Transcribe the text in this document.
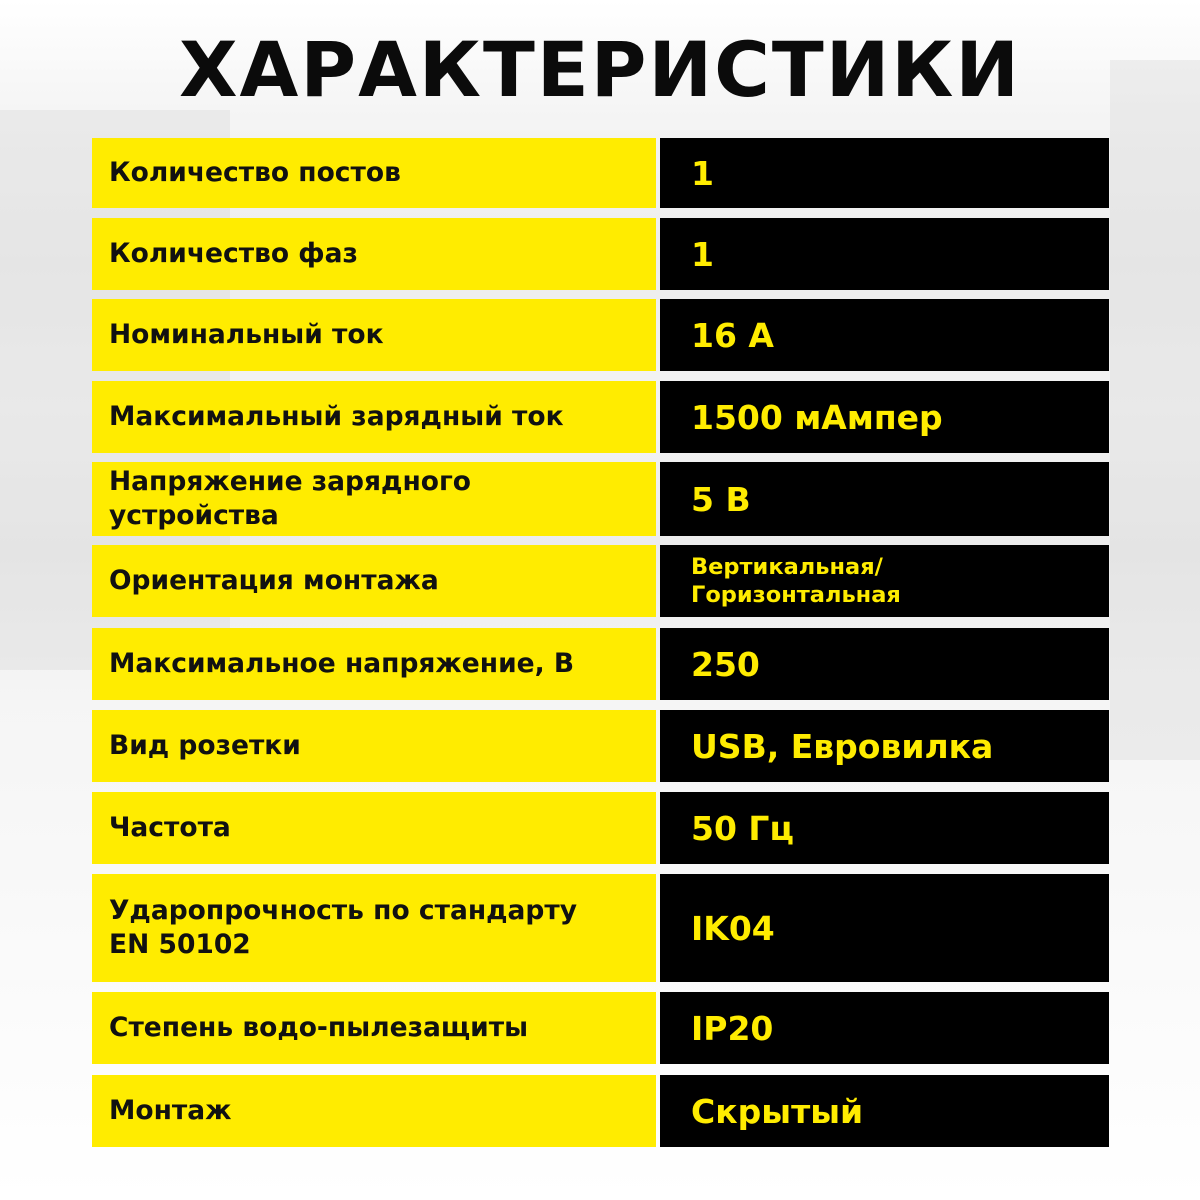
ХАРАКТЕРИСТИКИ
Количество постов	1
Количество фаз	1
Номинальный ток	16 А
Максимальный зарядный ток	1500 мАмпер
Напряжение зарядного
устройства	5 В
Ориентация монтажа	Вертикальная/
Горизонтальная
Максимальное напряжение, В	250
Вид розетки	USB, Евровилка
Частота	50 Гц
Ударопрочность по стандарту
EN 50102	IK04
Степень водо-пылезащиты	IP20
Монтаж	Скрытый
